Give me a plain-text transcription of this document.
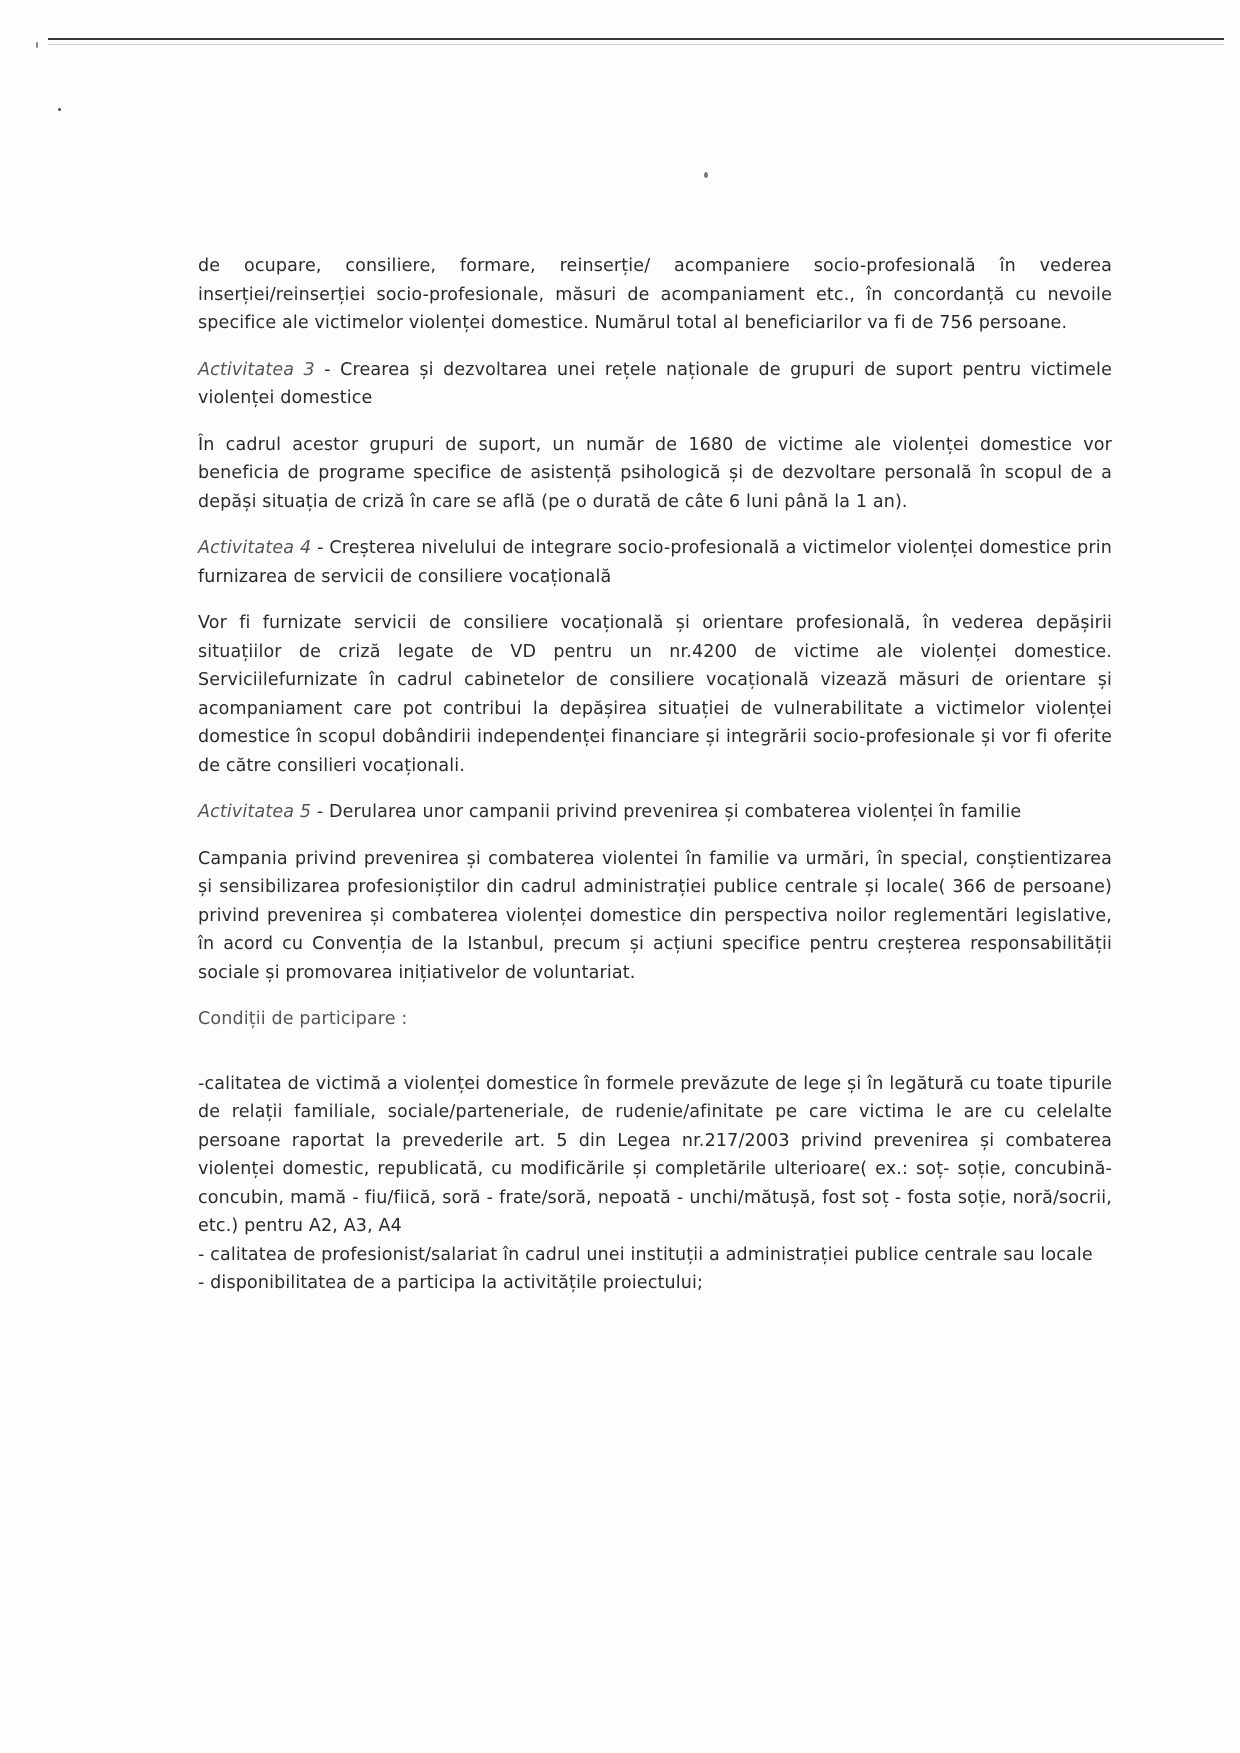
de ocupare, consiliere, formare, reinserție/ acompaniere socio-profesională în vederea inserției/reinserției socio-profesionale, măsuri de acompaniament etc., în concordanță cu nevoile specifice ale victimelor violenței domestice. Numărul total al beneficiarilor va fi de 756 persoane.

Activitatea 3 - Crearea și dezvoltarea unei rețele naționale de grupuri de suport pentru victimele violenței domestice

În cadrul acestor grupuri de suport, un număr de 1680 de victime ale violenței domestice vor beneficia de programe specifice de asistență psihologică și de dezvoltare personală în scopul de a depăși situația de criză în care se află (pe o durată de câte 6 luni până la 1 an).

Activitatea 4 - Creșterea nivelului de integrare socio-profesională a victimelor violenței domestice prin furnizarea de servicii de consiliere vocațională

Vor fi furnizate servicii de consiliere vocațională și orientare profesională, în vederea depășirii situațiilor de criză legate de VD pentru un nr.4200 de victime ale violenței domestice. Serviciilefurnizate în cadrul cabinetelor de consiliere vocațională vizează măsuri de orientare și acompaniament care pot contribui la depășirea situației de vulnerabilitate a victimelor violenței domestice în scopul dobândirii independenței financiare și integrării socio-profesionale și vor fi oferite de către consilieri vocaționali.

Activitatea 5 - Derularea unor campanii privind prevenirea și combaterea violenței în familie

Campania privind prevenirea și combaterea violentei în familie va urmări, în special, conștientizarea și sensibilizarea profesioniștilor din cadrul administrației publice centrale și locale( 366 de persoane) privind prevenirea și combaterea violenței domestice din perspectiva noilor reglementări legislative, în acord cu Convenția de la Istanbul, precum și acțiuni specifice pentru creșterea responsabilității sociale și promovarea inițiativelor de voluntariat.

Condiții de participare :

-calitatea de victimă a violenței domestice în formele prevăzute de lege și în legătură cu toate tipurile de relații familiale, sociale/parteneriale, de rudenie/afinitate pe care victima le are cu celelalte persoane raportat la prevederile art. 5 din Legea nr.217/2003 privind prevenirea și combaterea violenței domestic, republicată, cu modificările și completările ulterioare( ex.: soț- soție, concubină- concubin, mamă - fiu/fiică, soră - frate/soră, nepoată - unchi/mătușă, fost soț - fosta soție, noră/socrii, etc.) pentru A2, A3, A4

- calitatea de profesionist/salariat în cadrul unei instituții a administrației publice centrale sau locale

- disponibilitatea de a participa la activitățile proiectului;
